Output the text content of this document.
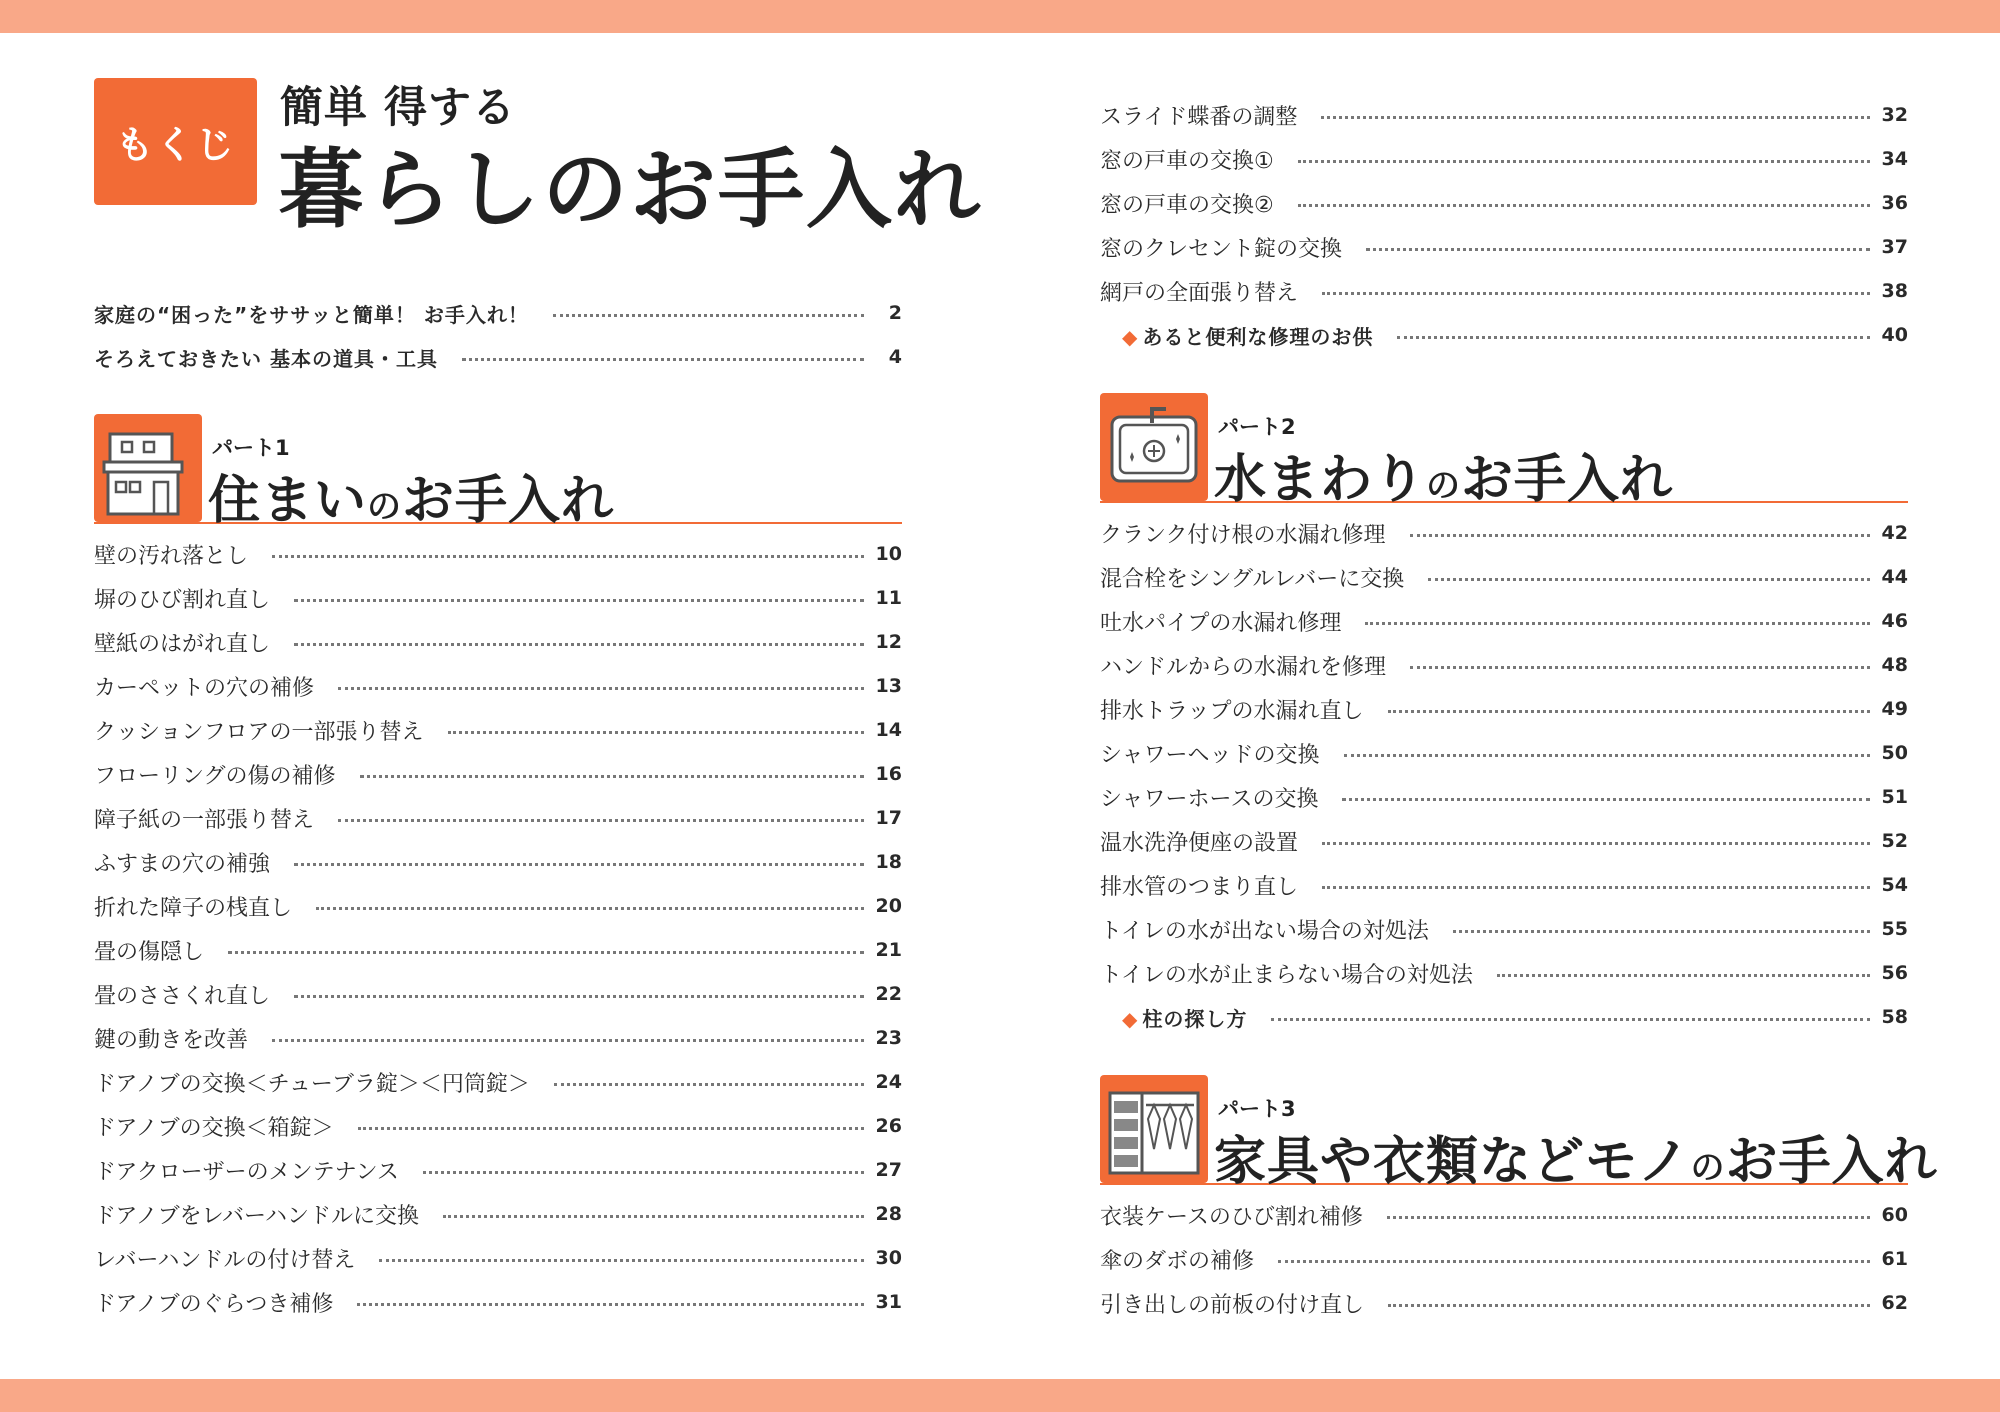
もくじ
簡単 得する
暮らしのお手入れ
家庭の“困った”をササッと簡単！ お手入れ！	2
そろえておきたい 基本の道具・工具	4
パート1
住まいのお手入れ
壁の汚れ落とし	10
塀のひび割れ直し	11
壁紙のはがれ直し	12
カーペットの穴の補修	13
クッションフロアの一部張り替え	14
フローリングの傷の補修	16
障子紙の一部張り替え	17
ふすまの穴の補強	18
折れた障子の桟直し	20
畳の傷隠し	21
畳のささくれ直し	22
鍵の動きを改善	23
ドアノブの交換＜チューブラ錠＞＜円筒錠＞	24
ドアノブの交換＜箱錠＞	26
ドアクローザーのメンテナンス	27
ドアノブをレバーハンドルに交換	28
レバーハンドルの付け替え	30
ドアノブのぐらつき補修	31
スライド蝶番の調整	32
窓の戸車の交換①	34
窓の戸車の交換②	36
窓のクレセント錠の交換	37
網戸の全面張り替え	38
◆ あると便利な修理のお供	40
パート2
水まわりのお手入れ
クランク付け根の水漏れ修理	42
混合栓をシングルレバーに交換	44
吐水パイプの水漏れ修理	46
ハンドルからの水漏れを修理	48
排水トラップの水漏れ直し	49
シャワーヘッドの交換	50
シャワーホースの交換	51
温水洗浄便座の設置	52
排水管のつまり直し	54
トイレの水が出ない場合の対処法	55
トイレの水が止まらない場合の対処法	56
◆ 柱の探し方	58
パート3
家具や衣類などモノのお手入れ
衣装ケースのひび割れ補修	60
傘のダボの補修	61
引き出しの前板の付け直し	62
